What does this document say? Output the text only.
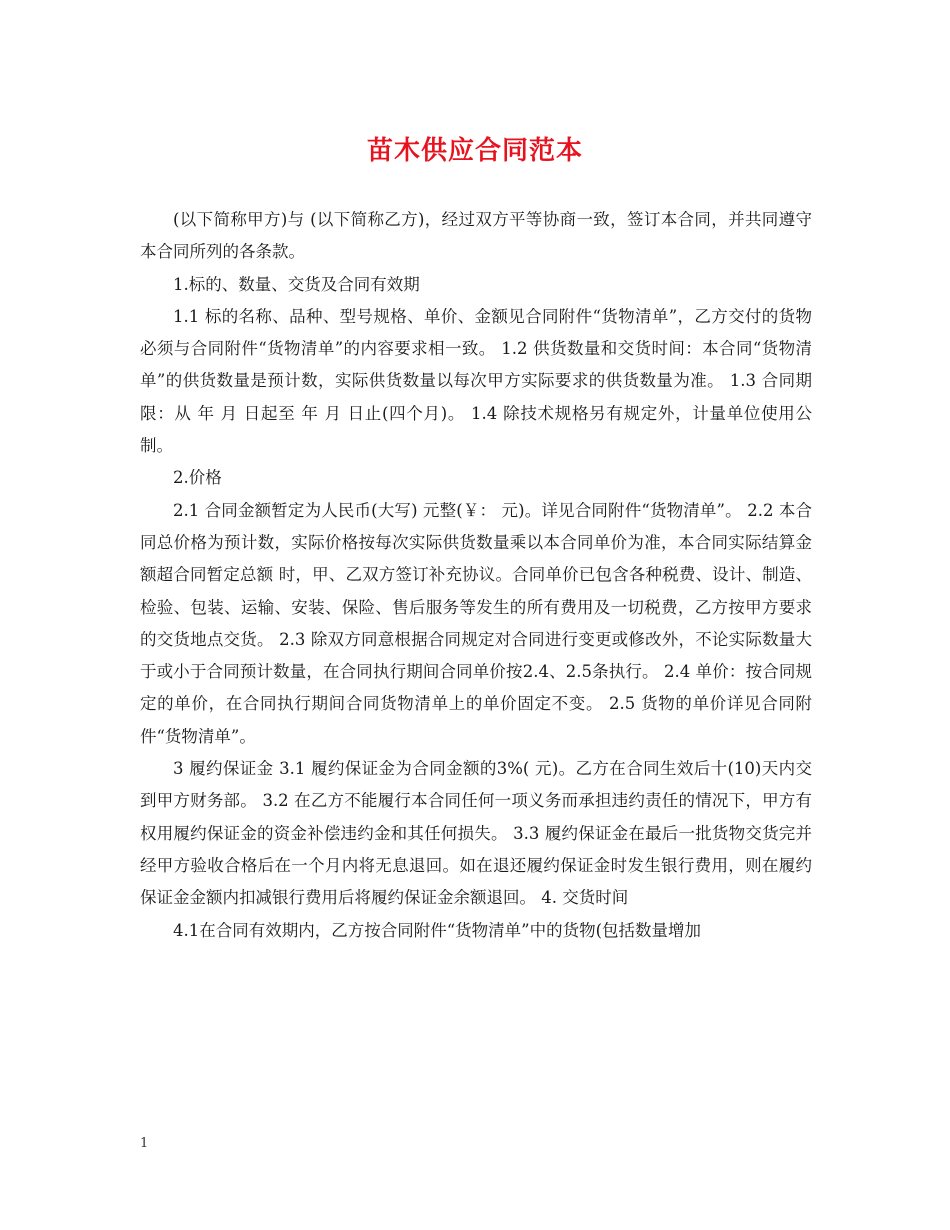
苗木供应合同范本

(以下简称甲方)与 (以下简称乙方)，经过双方平等协商一致，签订本合同，并共同遵守本合同所列的各条款。

1.标的、数量、交货及合同有效期

1.1 标的名称、品种、型号规格、单价、金额见合同附件“货物清单”，乙方交付的货物必须与合同附件“货物清单”的内容要求相一致。 1.2 供货数量和交货时间：本合同“货物清单”的供货数量是预计数，实际供货数量以每次甲方实际要求的供货数量为准。 1.3 合同期限：从 年 月 日起至 年 月 日止(四个月)。 1.4 除技术规格另有规定外，计量单位使用公制。

2.价格

2.1 合同金额暂定为人民币(大写) 元整(￥： 元)。详见合同附件“货物清单”。 2.2 本合同总价格为预计数，实际价格按每次实际供货数量乘以本合同单价为准，本合同实际结算金额超合同暂定总额 时，甲、乙双方签订补充协议。合同单价已包含各种税费、设计、制造、检验、包装、运输、安装、保险、售后服务等发生的所有费用及一切税费，乙方按甲方要求的交货地点交货。 2.3 除双方同意根据合同规定对合同进行变更或修改外，不论实际数量大于或小于合同预计数量，在合同执行期间合同单价按2.4、2.5条执行。 2.4 单价：按合同规定的单价，在合同执行期间合同货物清单上的单价固定不变。 2.5 货物的单价详见合同附件“货物清单”。

3 履约保证金 3.1 履约保证金为合同金额的3%( 元)。乙方在合同生效后十(10)天内交到甲方财务部。 3.2 在乙方不能履行本合同任何一项义务而承担违约责任的情况下，甲方有权用履约保证金的资金补偿违约金和其任何损失。 3.3 履约保证金在最后一批货物交货完并经甲方验收合格后在一个月内将无息退回。如在退还履约保证金时发生银行费用，则在履约保证金金额内扣减银行费用后将履约保证金余额退回。 4. 交货时间

4.1在合同有效期内，乙方按合同附件“货物清单”中的货物(包括数量增加

1
